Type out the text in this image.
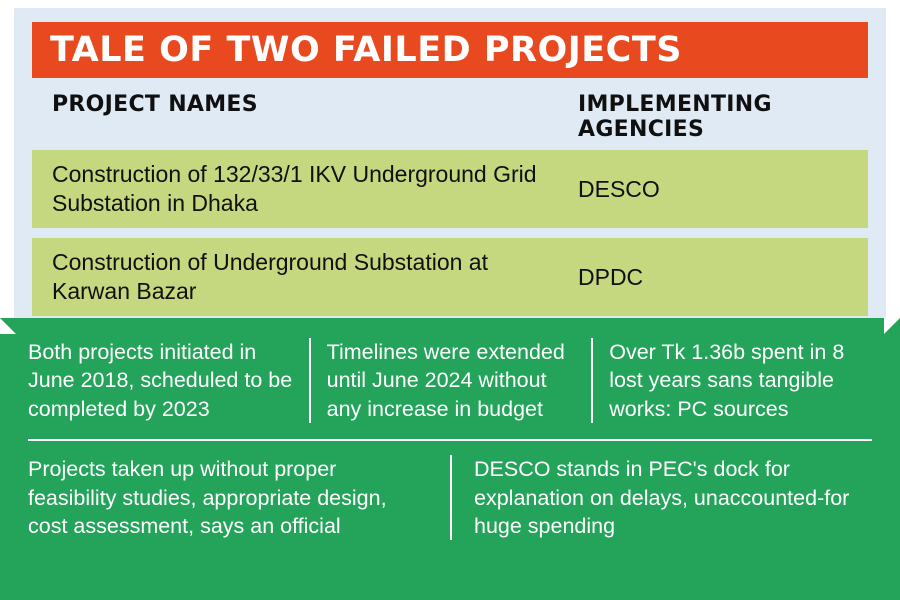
TALE OF TWO FAILED PROJECTS
PROJECT NAMES	IMPLEMENTING AGENCIES
Construction of 132/33/1 IKV Underground Grid Substation in Dhaka
DESCO
Construction of Underground Substation at Karwan Bazar
DPDC
Both projects initiated in June 2018, scheduled to be completed by 2023
Timelines were extended until June 2024 without any increase in budget
Over Tk 1.36b spent in 8 lost years sans tangible works: PC sources
Projects taken up without proper feasibility studies, appropriate design, cost assessment, says an official
DESCO stands in PEC's dock for explanation on delays, unaccounted-for huge spending
